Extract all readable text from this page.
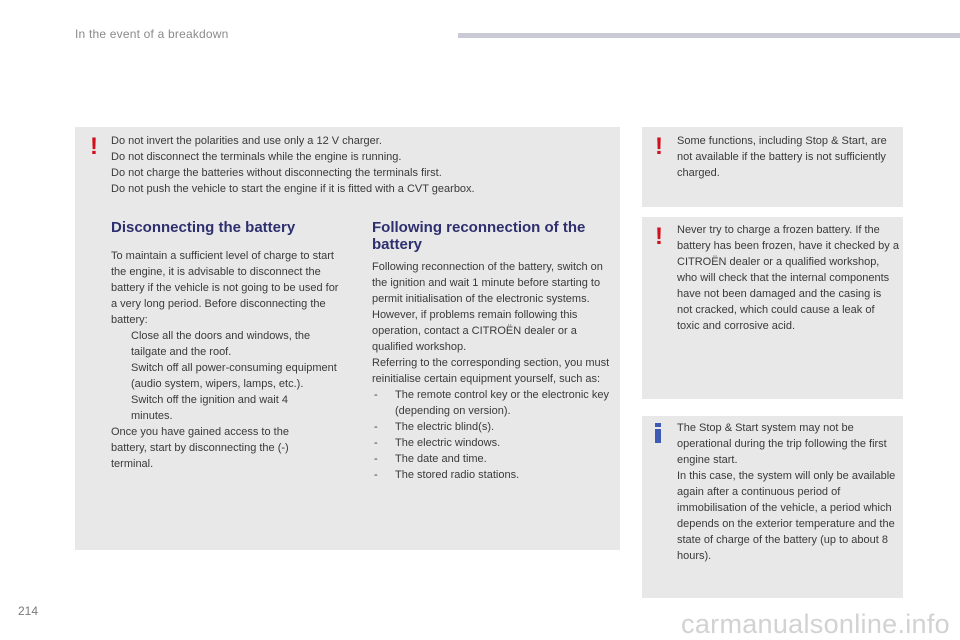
In the event of a breakdown
! Do not invert the polarities and use only a 12 V charger.
Do not disconnect the terminals while the engine is running.
Do not charge the batteries without disconnecting the terminals first.
Do not push the vehicle to start the engine if it is fitted with a CVT gearbox.
Disconnecting the battery

To maintain a sufficient level of charge to start the engine, it is advisable to disconnect the battery if the vehicle is not going to be used for a very long period. Before disconnecting the battery:

Close all the doors and windows, the tailgate and the roof.
Switch off all power-consuming equipment (audio system, wipers, lamps, etc.).
Switch off the ignition and wait 4 minutes.

Once you have gained access to the battery, start by disconnecting the (-) terminal.

Following reconnection of the battery

Following reconnection of the battery, switch on the ignition and wait 1 minute before starting to permit initialisation of the electronic systems.

However, if problems remain following this operation, contact a CITROËN dealer or a qualified workshop.

Referring to the corresponding section, you must reinitialise certain equipment yourself, such as:

- The remote control key or the electronic key (depending on version).
- The electric blind(s).
- The electric windows.
- The date and time.
- The stored radio stations.
! Some functions, including Stop & Start, are not available if the battery is not sufficiently charged.
! Never try to charge a frozen battery. If the battery has been frozen, have it checked by a CITROËN dealer or a qualified workshop, who will check that the internal components have not been damaged and the casing is not cracked, which could cause a leak of toxic and corrosive acid.
The Stop & Start system may not be operational during the trip following the first engine start.
In this case, the system will only be available again after a continuous period of immobilisation of the vehicle, a period which depends on the exterior temperature and the state of charge of the battery (up to about 8 hours).
214	carmanualsonline.info
